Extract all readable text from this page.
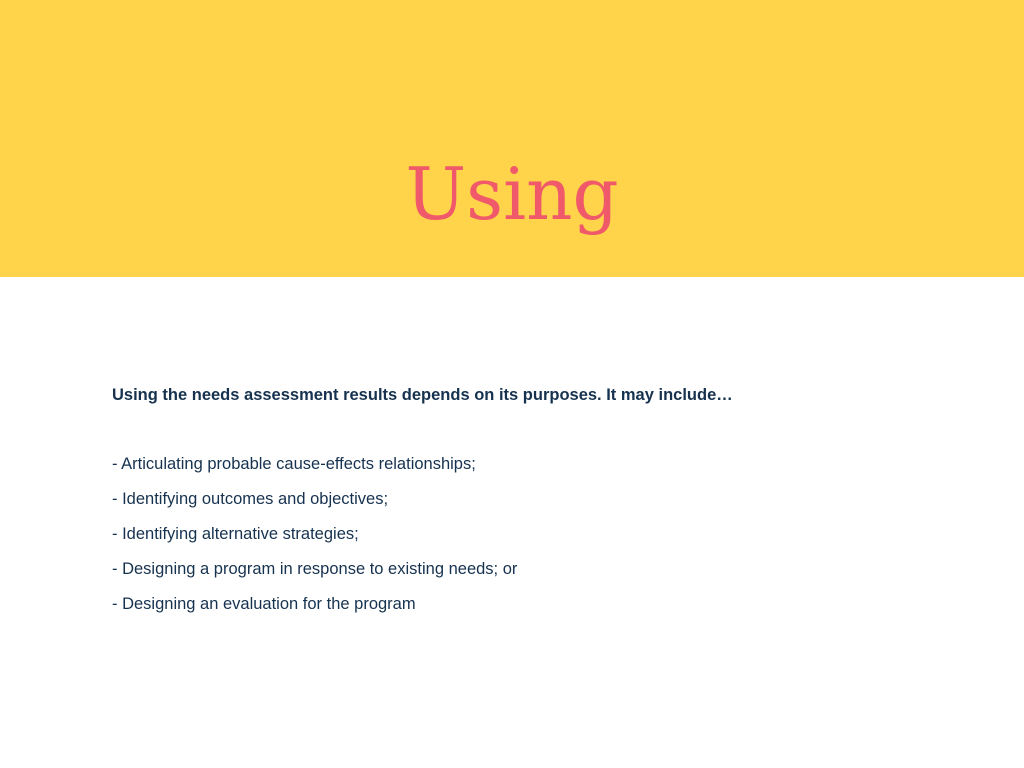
Using

Using the needs assessment results depends on its purposes. It may include…

- Articulating probable cause-effects relationships;
- Identifying outcomes and objectives;
- Identifying alternative strategies;
- Designing a program in response to existing needs; or
- Designing an evaluation for the program
